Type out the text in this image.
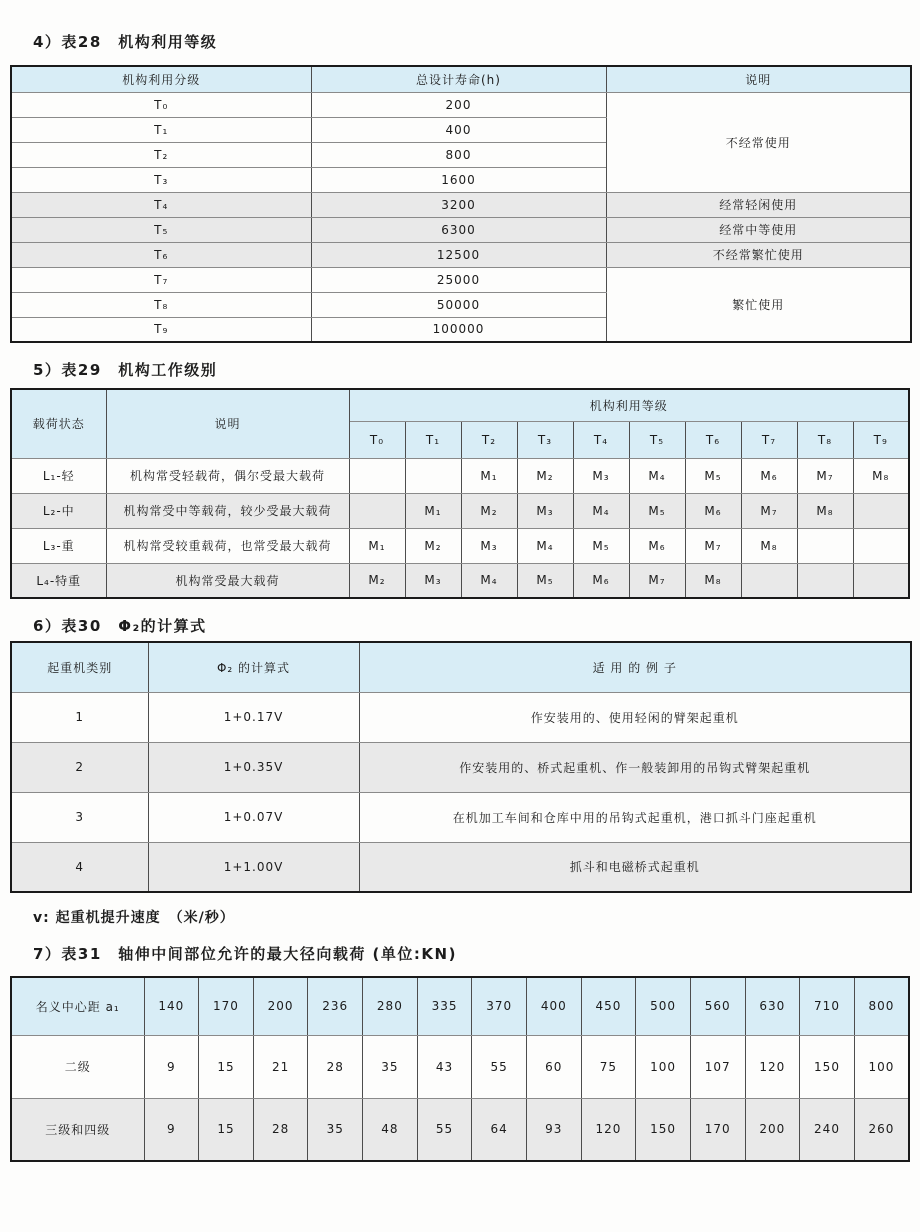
4）表28　机构利用等级
机构利用分级	总设计寿命(h)	说明
T₀	200	不经常使用
T₁	400	
T₂	800	
T₃	1600	
T₄	3200	经常轻闲使用
T₅	6300	经常中等使用
T₆	12500	不经常繁忙使用
T₇	25000	繁忙使用
T₈	50000	
T₉	100000	
5）表29　机构工作级别
载荷状态	说明	机构利用等级									
		T₀	T₁	T₂	T₃	T₄	T₅	T₆	T₇	T₈	T₉
L₁-轻	机构常受轻载荷，偶尔受最大载荷			M₁	M₂	M₃	M₄	M₅	M₆	M₇	M₈
L₂-中	机构常受中等载荷，较少受最大载荷		M₁	M₂	M₃	M₄	M₅	M₆	M₇	M₈	
L₃-重	机构常受较重载荷，也常受最大载荷	M₁	M₂	M₃	M₄	M₅	M₆	M₇	M₈		
L₄-特重	机构常受最大载荷	M₂	M₃	M₄	M₅	M₆	M₇	M₈			
6）表30　Φ₂的计算式
起重机类别	Φ₂ 的计算式	适 用 的 例 子
1	1+0.17V	作安装用的、使用轻闲的臂架起重机
2	1+0.35V	作安装用的、桥式起重机、作一般装卸用的吊钩式臂架起重机
3	1+0.07V	在机加工车间和仓库中用的吊钩式起重机，港口抓斗门座起重机
4	1+1.00V	抓斗和电磁桥式起重机
v: 起重机提升速度　（米/秒）
7）表31　轴伸中间部位允许的最大径向载荷 (单位:KN)
名义中心距 a₁	140	170	200	236	280	335	370	400	450	500	560	630	710	800
二级	9	15	21	28	35	43	55	60	75	100	107	120	150	100
三级和四级	9	15	28	35	48	55	64	93	120	150	170	200	240	260
